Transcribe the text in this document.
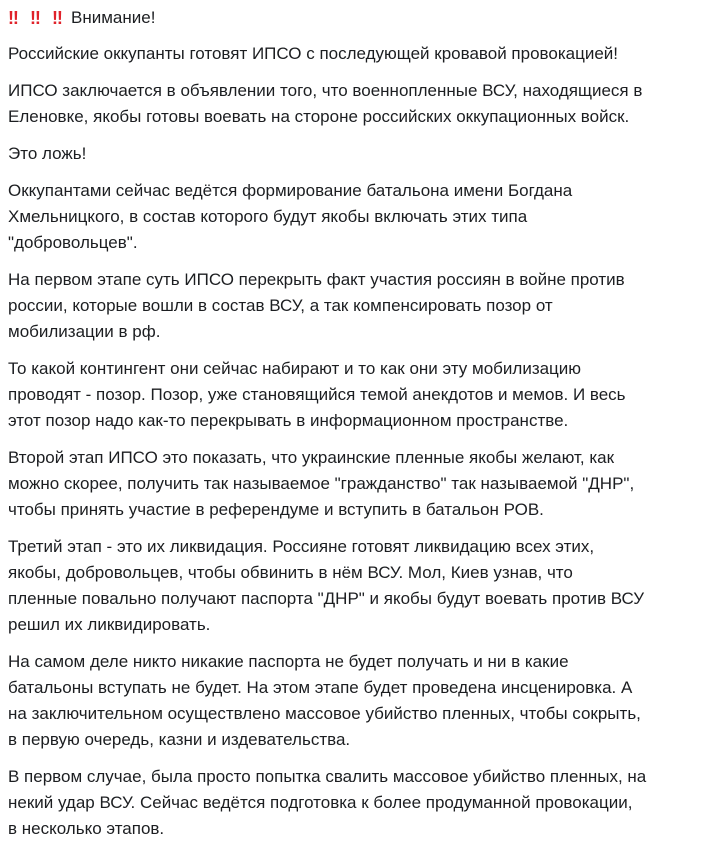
‼ ‼ ‼ Внимание!
Российские оккупанты готовят ИПСО с последующей кровавой провокацией!
ИПСО заключается в объявлении того, что военнопленные ВСУ, находящиеся в
Еленовке, якобы готовы воевать на стороне российских оккупационных войск.
Это ложь!
Оккупантами сейчас ведётся формирование батальона имени Богдана
Хмельницкого, в состав которого будут якобы включать этих типа
"добровольцев".
На первом этапе суть ИПСО перекрыть факт участия россиян в войне против
россии, которые вошли в состав ВСУ, а так компенсировать позор от
мобилизации в рф.
То какой контингент они сейчас набирают и то как они эту мобилизацию
проводят - позор. Позор, уже становящийся темой анекдотов и мемов. И весь
этот позор надо как-то перекрывать в информационном пространстве.
Второй этап ИПСО это показать, что украинские пленные якобы желают, как
можно скорее, получить так называемое "гражданство" так называемой "ДНР",
чтобы принять участие в референдуме и вступить в батальон РОВ.
Третий этап - это их ликвидация. Россияне готовят ликвидацию всех этих,
якобы, добровольцев, чтобы обвинить в нём ВСУ. Мол, Киев узнав, что
пленные повально получают паспорта "ДНР" и якобы будут воевать против ВСУ
решил их ликвидировать.
На самом деле никто никакие паспорта не будет получать и ни в какие
батальоны вступать не будет. На этом этапе будет проведена инсценировка. А
на заключительном осуществлено массовое убийство пленных, чтобы сокрыть,
в первую очередь, казни и издевательства.
В первом случае, была просто попытка свалить массовое убийство пленных, на
некий удар ВСУ. Сейчас ведётся подготовка к более продуманной провокации,
в несколько этапов.
